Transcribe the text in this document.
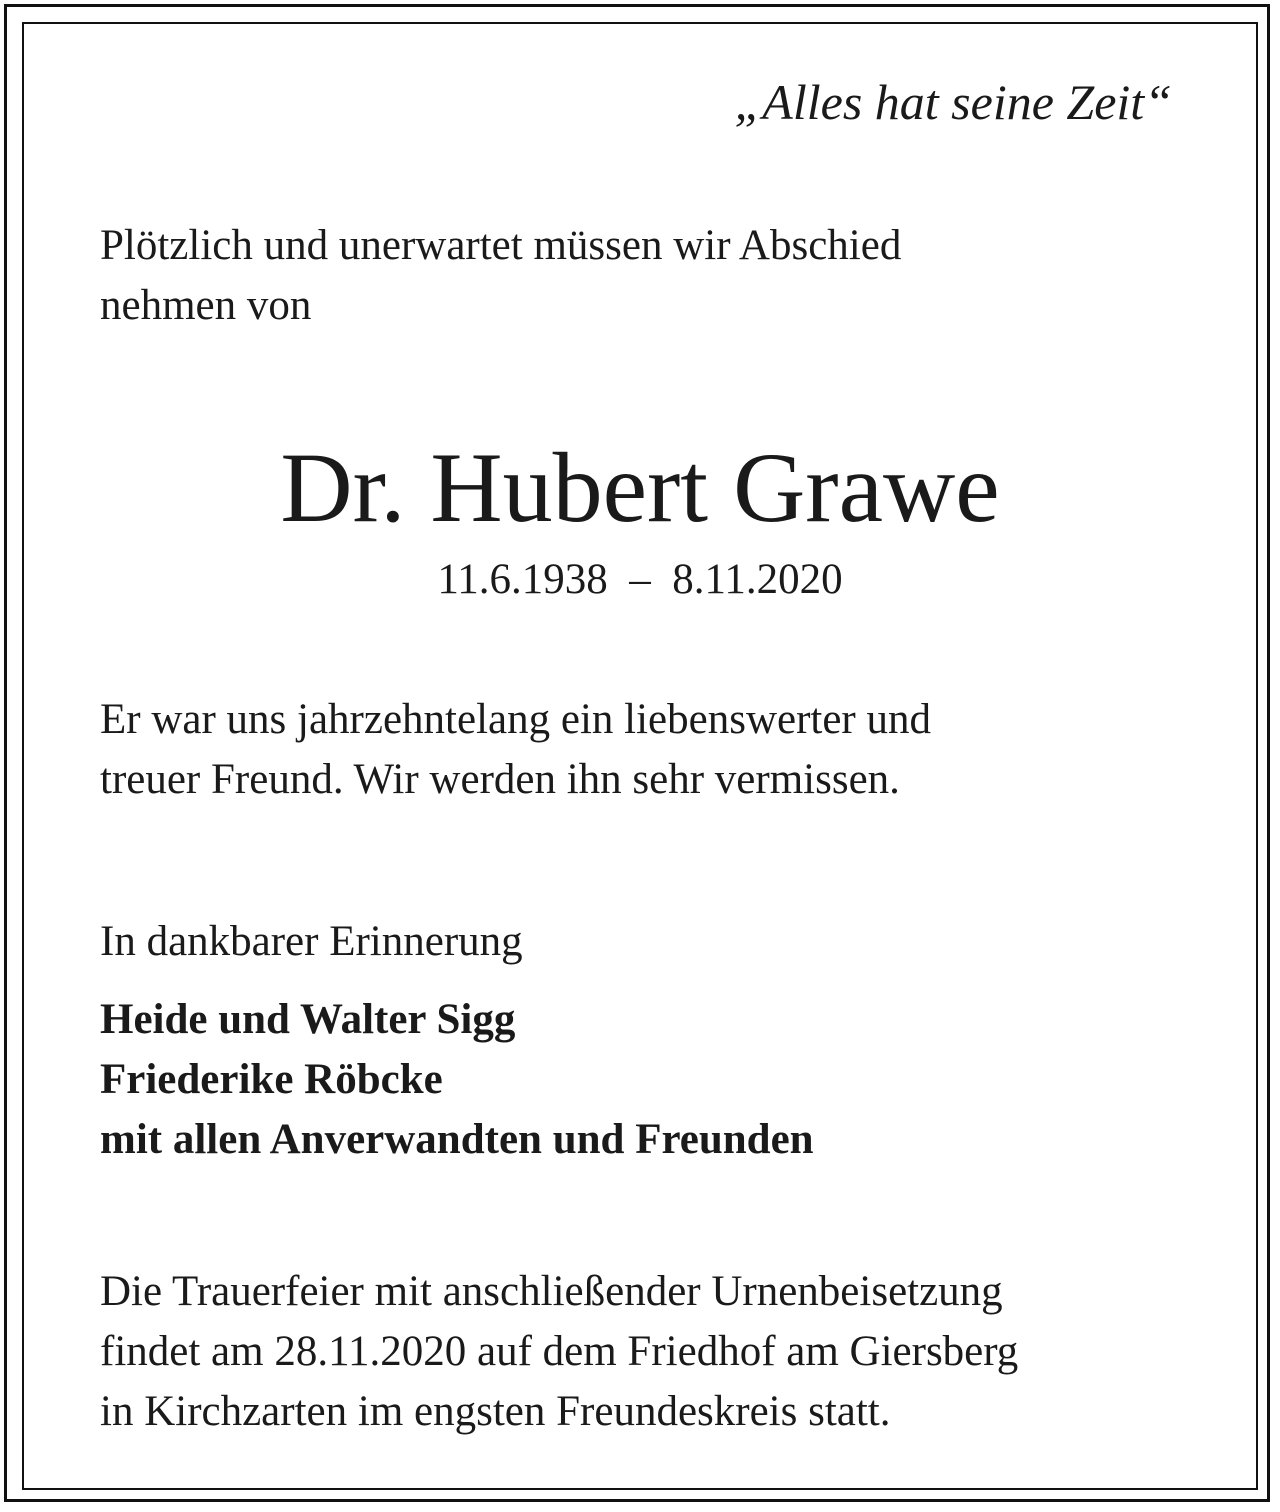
„Alles hat seine Zeit“
Plötzlich und unerwartet müssen wir Abschied
nehmen von
Dr. Hubert Grawe
11.6.1938 – 8.11.2020
Er war uns jahrzehntelang ein liebenswerter und
treuer Freund. Wir werden ihn sehr vermissen.
In dankbarer Erinnerung
Heide und Walter Sigg
Friederike Röbcke
mit allen Anverwandten und Freunden
Die Trauerfeier mit anschließender Urnenbeisetzung
findet am 28.11.2020 auf dem Friedhof am Giersberg
in Kirchzarten im engsten Freundeskreis statt.
